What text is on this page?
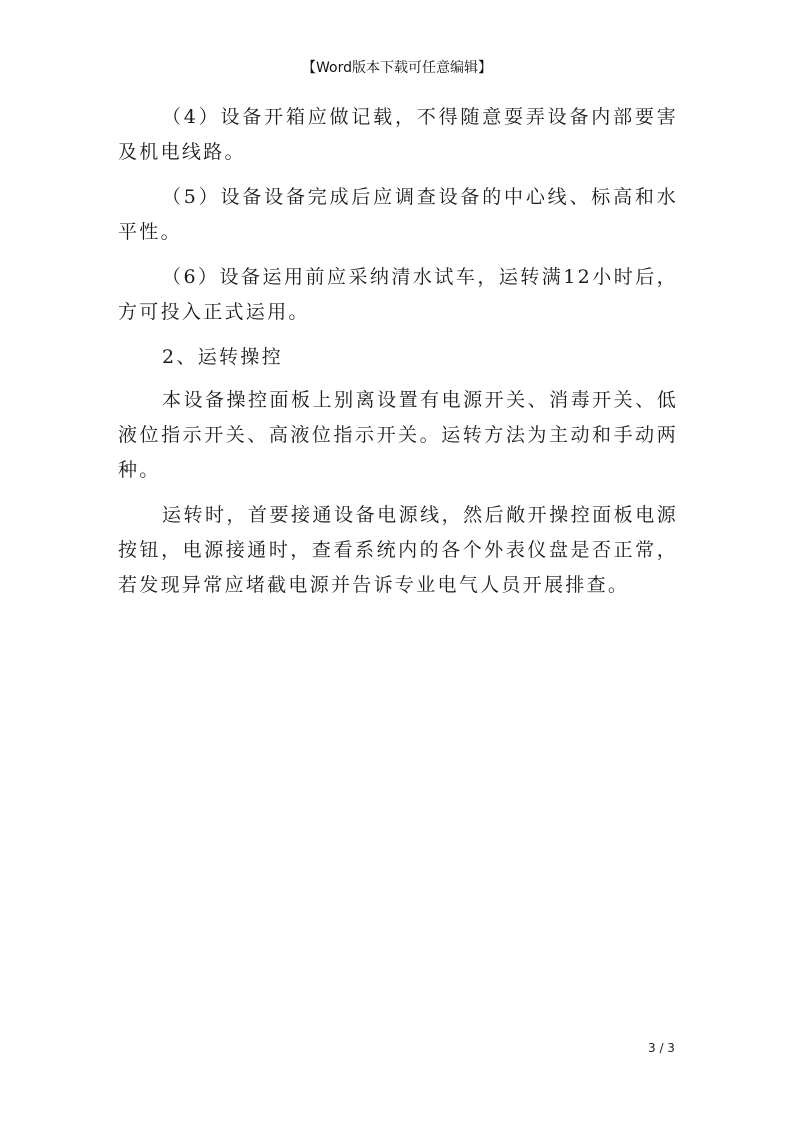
【Word版本下载可任意编辑】

（4）设备开箱应做记载，不得随意耍弄设备内部要害及机电线路。

（5）设备设备完成后应调查设备的中心线、标高和水平性。

（6）设备运用前应采纳清水试车，运转满12小时后，方可投入正式运用。

2、运转操控

本设备操控面板上别离设置有电源开关、消毒开关、低液位指示开关、高液位指示开关。运转方法为主动和手动两种。

运转时，首要接通设备电源线，然后敞开操控面板电源按钮，电源接通时，查看系统内的各个外表仪盘是否正常，若发现异常应堵截电源并告诉专业电气人员开展排查。

3 / 3
